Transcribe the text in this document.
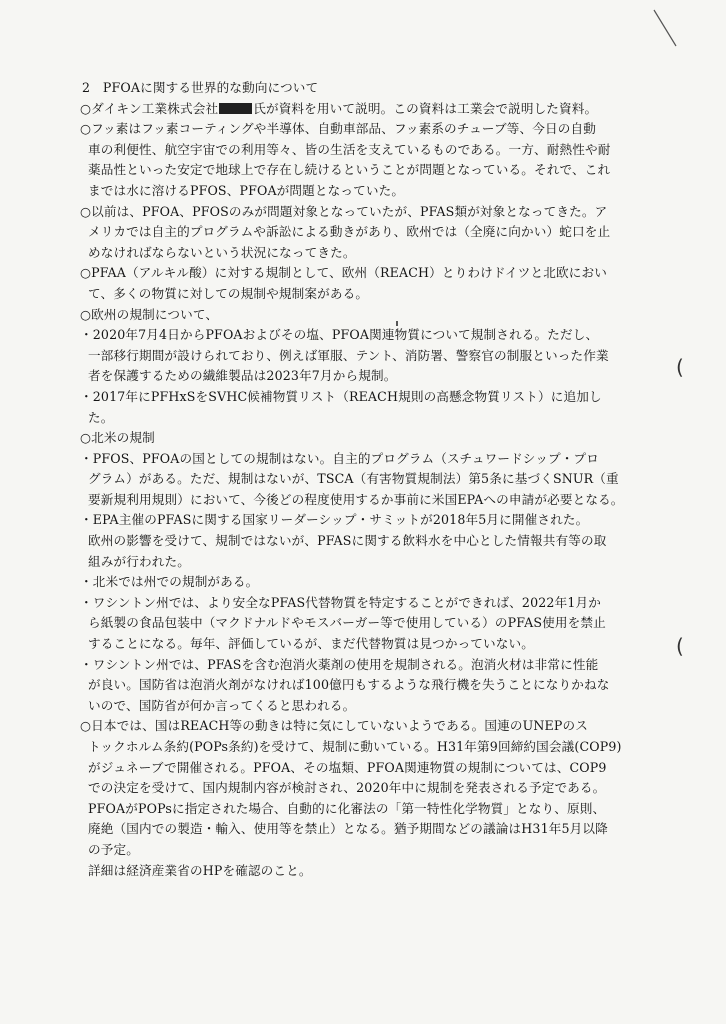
2　PFOAに関する世界的な動向について
○ダイキン工業株式会社	氏が資料を用いて説明。この資料は工業会で説明した資料。
○フッ素はフッ素コーティングや半導体、自動車部品、フッ素系のチューブ等、今日の自動
車の利便性、航空宇宙での利用等々、皆の生活を支えているものである。一方、耐熱性や耐
薬品性といった安定で地球上で存在し続けるということが問題となっている。それで、これ
までは水に溶けるPFOS、PFOAが問題となっていた。
○以前は、PFOA、PFOSのみが問題対象となっていたが、PFAS類が対象となってきた。ア
メリカでは自主的プログラムや訴訟による動きがあり、欧州では（全廃に向かい）蛇口を止
めなければならないという状況になってきた。
○PFAA（アルキル酸）に対する規制として、欧州（REACH）とりわけドイツと北欧におい
て、多くの物質に対しての規制や規制案がある。
○欧州の規制について、
・2020年7月4日からPFOAおよびその塩、PFOA関連物質について規制される。ただし、
一部移行期間が設けられており、例えば軍服、テント、消防署、警察官の制服といった作業
者を保護するための繊維製品は2023年7月から規制。
・2017年にPFHxSをSVHC候補物質リスト（REACH規則の高懸念物質リスト）に追加し
た。
○北米の規制
・PFOS、PFOAの国としての規制はない。自主的プログラム（スチュワードシップ・プロ
グラム）がある。ただ、規制はないが、
TSCA（有害物質規制法）第5条に基づくSNUR（重
要新規利用規則）において、今後どの程度使用するか事前に米国EPAへの申請が必要となる。
・EPA主催のPFASに関する国家リーダーシップ・サミットが2018年5月に開催された。
欧州の影響を受けて、規制ではないが、PFASに関する飲料水を中心とした情報共有等の取
組みが行われた。
・北米では州での規制がある。
・ワシントン州では、より安全なPFAS代替物質を特定することができれば、2022年1月か
ら紙製の食品包装中（マクドナルドやモスバーガー等で使用している）のPFAS使用を禁止
することになる。毎年、評価しているが、まだ代替物質は見つかっていない。
・ワシントン州では、PFASを含む泡消火薬剤の使用を規制される。泡消火材は非常に性能
が良い。国防省は泡消火剤がなければ100億円もするような飛行機を失うことになりかねな
いので、国防省が何か言ってくると思われる。
○日本では、国はREACH等の動きは特に気にしていないようである。国連のUNEPのス
トックホルム条約(POPs条約)を受けて、規制に動いている。H31年第9回締約国会議(COP9)
がジュネーブで開催される。PFOA、その塩類、PFOA関連物質の規制については、COP9
での決定を受けて、国内規制内容が検討され、2020年中に規制を発表される予定である。
PFOAがPOPsに指定された場合、自動的に化審法の「第一特性化学物質」となり、原則、
廃絶（国内での製造・輸入、使用等を禁止）となる。猶予期間などの議論はH31年5月以降
の予定。
詳細は経済産業省のHPを確認のこと。
(
(
